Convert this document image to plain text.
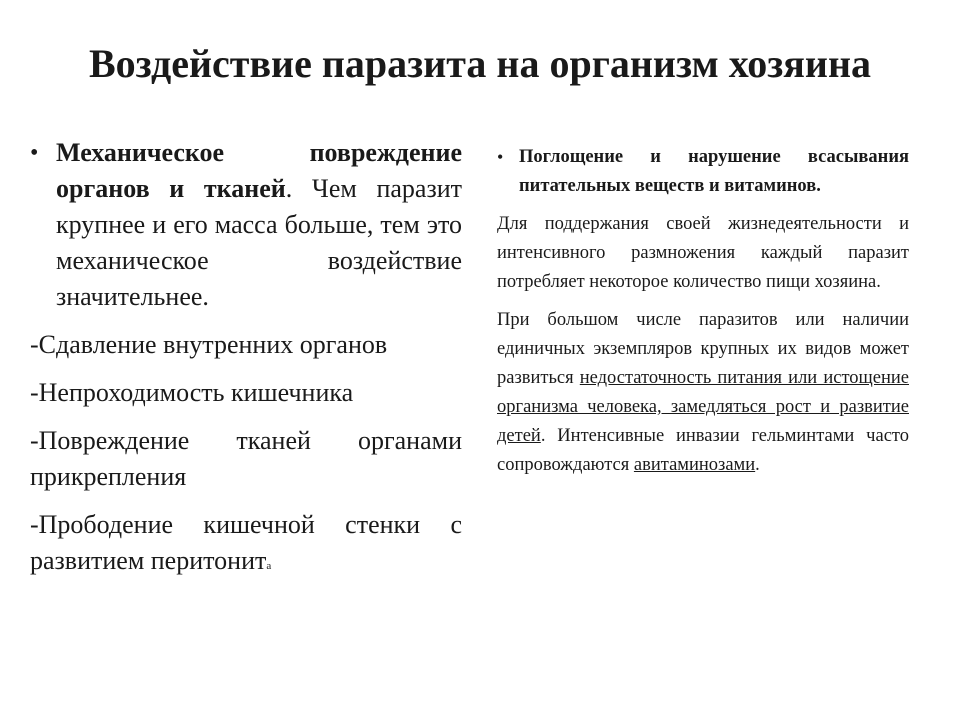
Воздействие паразита на организм хозяина
• Механическое повреждение органов и тканей. Чем паразит крупнее и его масса больше, тем это механическое воздействие значительнее.
-Сдавление внутренних органов
-Непроходимость кишечника
-Повреждение тканей органами прикрепления
-Прободение кишечной стенки с развитием перитонита
• Поглощение и нарушение всасывания питательных веществ и витаминов.

Для поддержания своей жизнедеятельности и интенсивного размножения каждый паразит потребляет некоторое количество пищи хозяина.

При большом числе паразитов или наличии единичных экземпляров крупных их видов может развиться недостаточность питания или истощение организма человека, замедляться рост и развитие детей. Интенсивные инвазии гельминтами часто сопровождаются авитаминозами.
